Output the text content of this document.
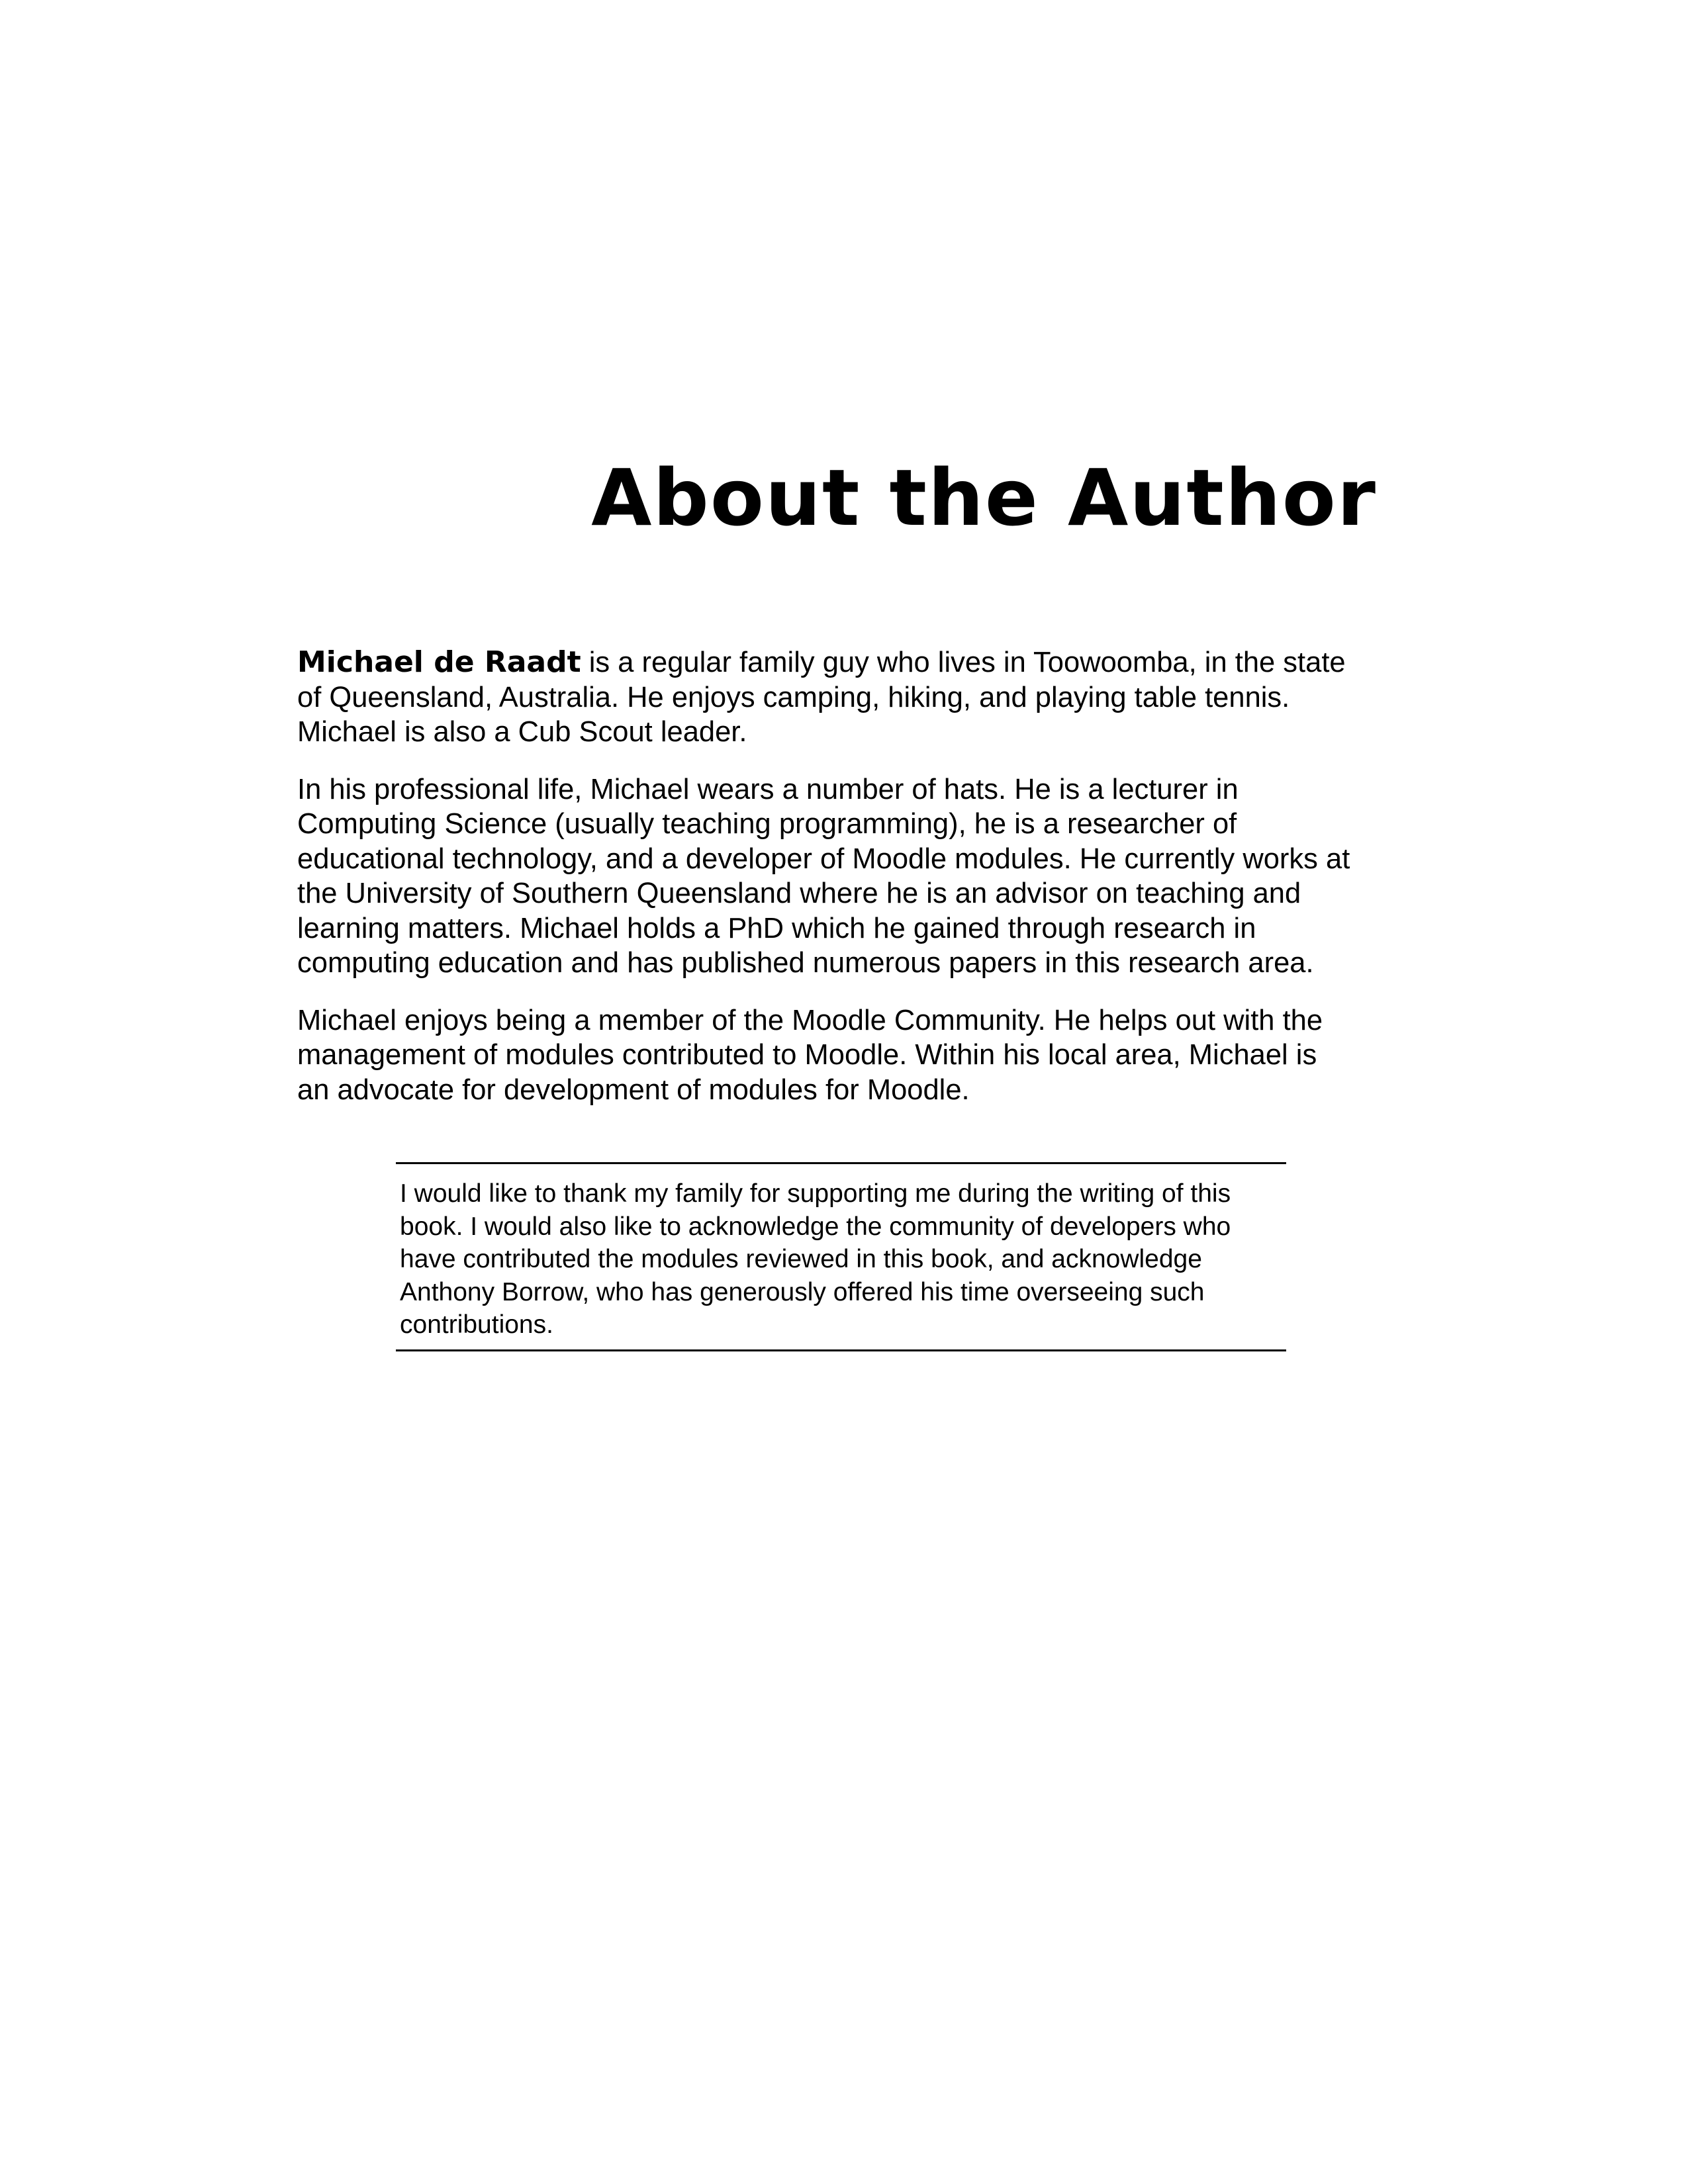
About the Author

Michael de Raadt is a regular family guy who lives in Toowoomba, in the state of Queensland, Australia. He enjoys camping, hiking, and playing table tennis. Michael is also a Cub Scout leader.

In his professional life, Michael wears a number of hats. He is a lecturer in Computing Science (usually teaching programming), he is a researcher of educational technology, and a developer of Moodle modules. He currently works at the University of Southern Queensland where he is an advisor on teaching and learning matters. Michael holds a PhD which he gained through research in computing education and has published numerous papers in this research area.

Michael enjoys being a member of the Moodle Community. He helps out with the management of modules contributed to Moodle. Within his local area, Michael is an advocate for development of modules for Moodle.

I would like to thank my family for supporting me during the writing of this book. I would also like to acknowledge the community of developers who have contributed the modules reviewed in this book, and acknowledge Anthony Borrow, who has generously offered his time overseeing such contributions.
